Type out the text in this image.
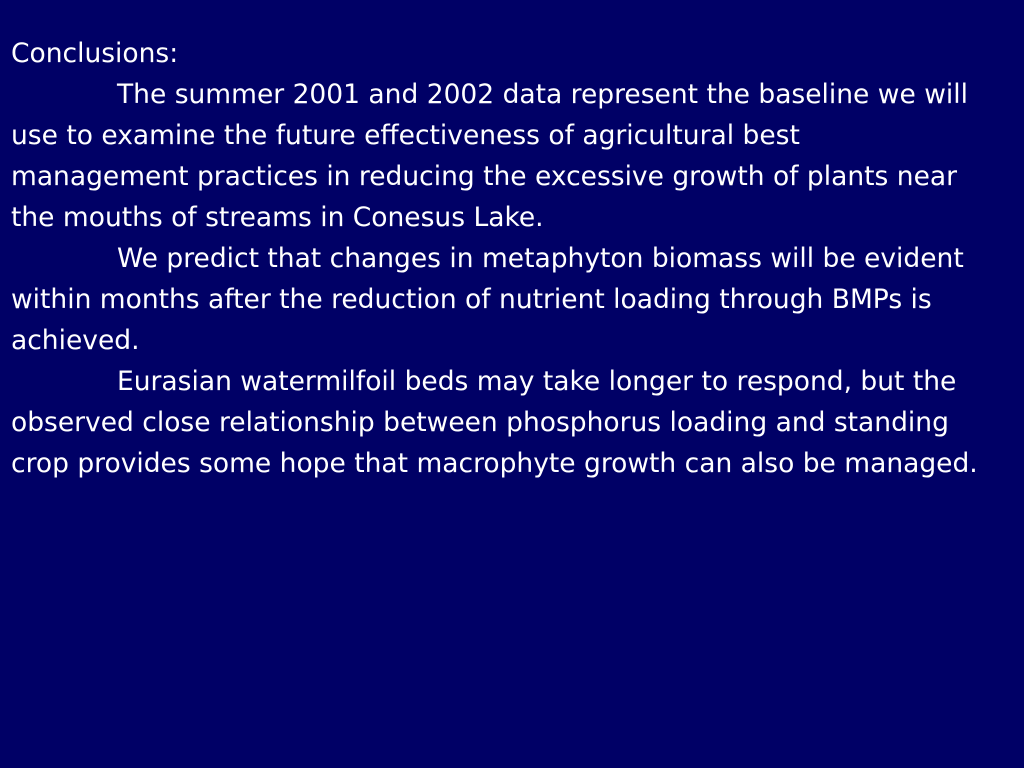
Conclusions:

The summer 2001 and 2002 data represent the baseline we will use to examine the future effectiveness of agricultural best management practices in reducing the excessive growth of plants near the mouths of streams in Conesus Lake.

We predict that changes in metaphyton biomass will be evident within months after the reduction of nutrient loading through BMPs is achieved.

Eurasian watermilfoil beds may take longer to respond, but the observed close relationship between phosphorus loading and standing crop provides some hope that macrophyte growth can also be managed.
